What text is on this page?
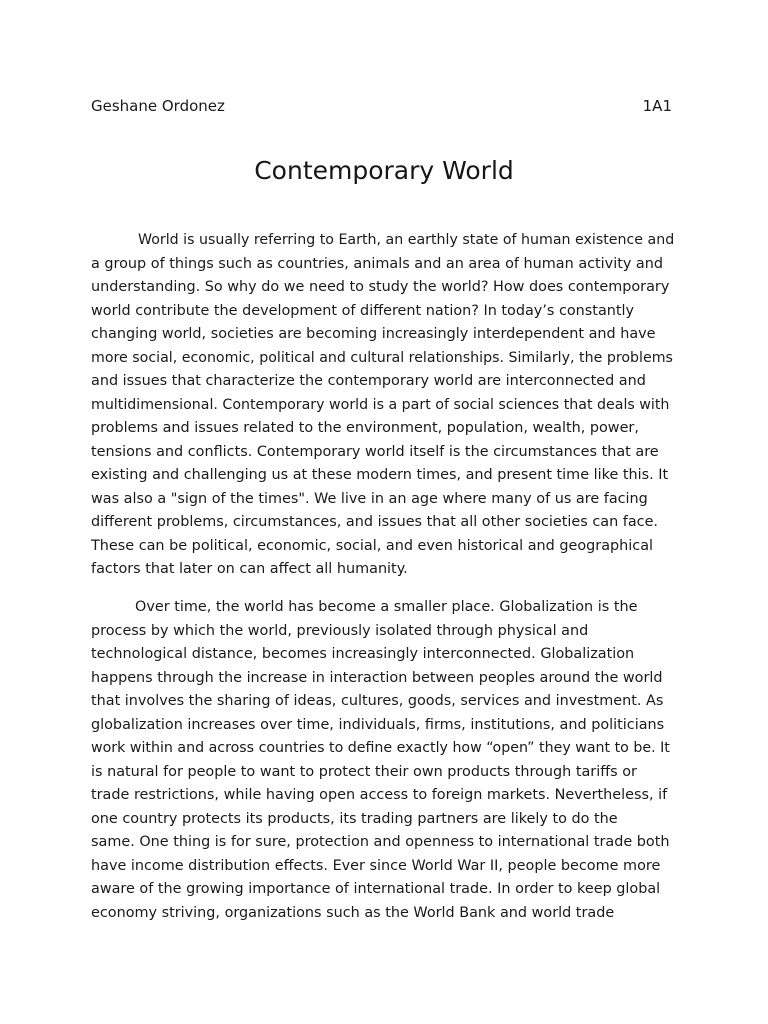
Geshane Ordonez	1A1
Contemporary World
World is usually referring to Earth, an earthly state of human existence and
a group of things such as countries, animals and an area of human activity and
understanding. So why do we need to study the world? How does contemporary
world contribute the development of different nation? In today’s constantly
changing world, societies are becoming increasingly interdependent and have
more social, economic, political and cultural relationships. Similarly, the problems
and issues that characterize the contemporary world are interconnected and
multidimensional. Contemporary world is a part of social sciences that deals with
problems and issues related to the environment, population, wealth, power,
tensions and conflicts. Contemporary world itself is the circumstances that are
existing and challenging us at these modern times, and present time like this. It
was also a "sign of the times". We live in an age where many of us are facing
different problems, circumstances, and issues that all other societies can face.
These can be political, economic, social, and even historical and geographical
factors that later on can affect all humanity.
Over time, the world has become a smaller place. Globalization is the
process by which the world, previously isolated through physical and
technological distance, becomes increasingly interconnected. Globalization
happens through the increase in interaction between peoples around the world
that involves the sharing of ideas, cultures, goods, services and investment. As
globalization increases over time, individuals, firms, institutions, and politicians
work within and across countries to define exactly how “open” they want to be. It
is natural for people to want to protect their own products through tariffs or
trade restrictions, while having open access to foreign markets. Nevertheless, if
one country protects its products, its trading partners are likely to do the
same. One thing is for sure, protection and openness to international trade both
have income distribution effects. Ever since World War II, people become more
aware of the growing importance of international trade. In order to keep global
economy striving, organizations such as the World Bank and world trade
